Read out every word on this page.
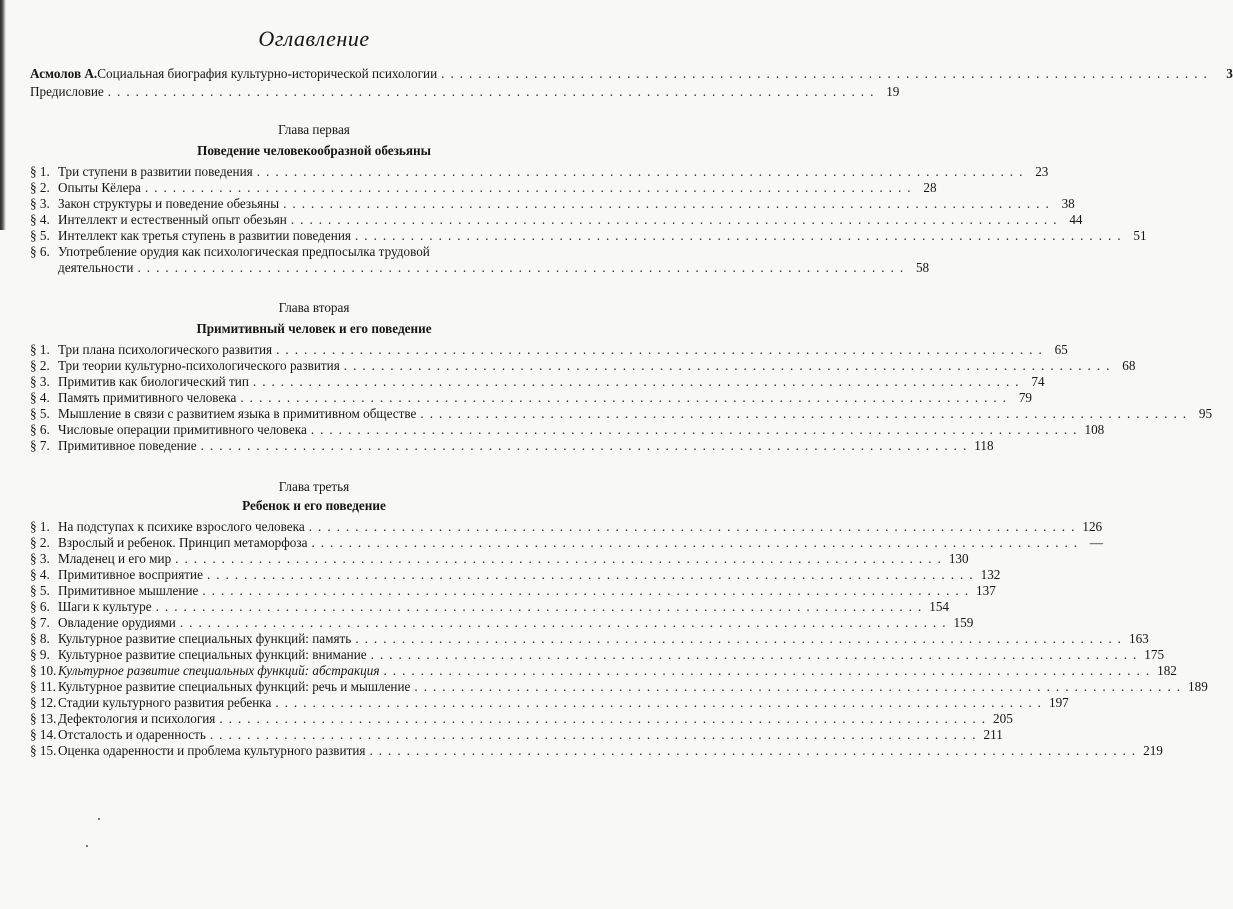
Оглавление
Асмолов А. Социальная биография культурно-исторической психологии ...................................................................................	3
Предисловие ................................................................................... 19
Глава первая
Поведение человекообразной обезьяны
§ 1. Три ступени в развитии поведения ................................................................................... 23
§ 2. Опыты Кёлера ................................................................................... 28
§ 3. Закон структуры и поведение обезьяны ................................................................................... 38
§ 4. Интеллект и естественный опыт обезьян ................................................................................... 44
§ 5. Интеллект как третья ступень в развитии поведения ................................................................................... 51
§ 6. Употребление орудия как психологическая предпосылка трудовой
деятельности ................................................................................... 58
Глава вторая
Примитивный человек и его поведение
§ 1. Три плана психологического развития ................................................................................... 65
§ 2. Три теории культурно-психологического развития ................................................................................... 68
§ 3. Примитив как биологический тип ................................................................................... 74
§ 4. Память примитивного человека ................................................................................... 79
§ 5. Мышление в связи с развитием языка в примитивном обществе ................................................................................... 95
§ 6. Числовые операции примитивного человека ................................................................................... 108
§ 7. Примитивное поведение ................................................................................... 118
Глава третья
Ребенок и его поведение
§ 1. На подступах к психике взрослого человека ................................................................................... 126
§ 2. Взрослый и ребенок. Принцип метаморфоза ................................................................................... —
§ 3. Младенец и его мир ................................................................................... 130
§ 4. Примитивное восприятие ................................................................................... 132
§ 5. Примитивное мышление ................................................................................... 137
§ 6. Шаги к культуре ................................................................................... 154
§ 7. Овладение орудиями ................................................................................... 159
§ 8. Культурное развитие специальных функций: память ................................................................................... 163
§ 9. Культурное развитие специальных функций: внимание ................................................................................... 175
§ 10. Культурное развитие специальных функций: абстракция ................................................................................... 182
§ 11. Культурное развитие специальных функций: речь и мышление ................................................................................... 189
§ 12. Стадии культурного развития ребенка ................................................................................... 197
§ 13. Дефектология и психология ................................................................................... 205
§ 14. Отсталость и одаренность ................................................................................... 211
§ 15. Оценка одаренности и проблема культурного развития ................................................................................... 219
